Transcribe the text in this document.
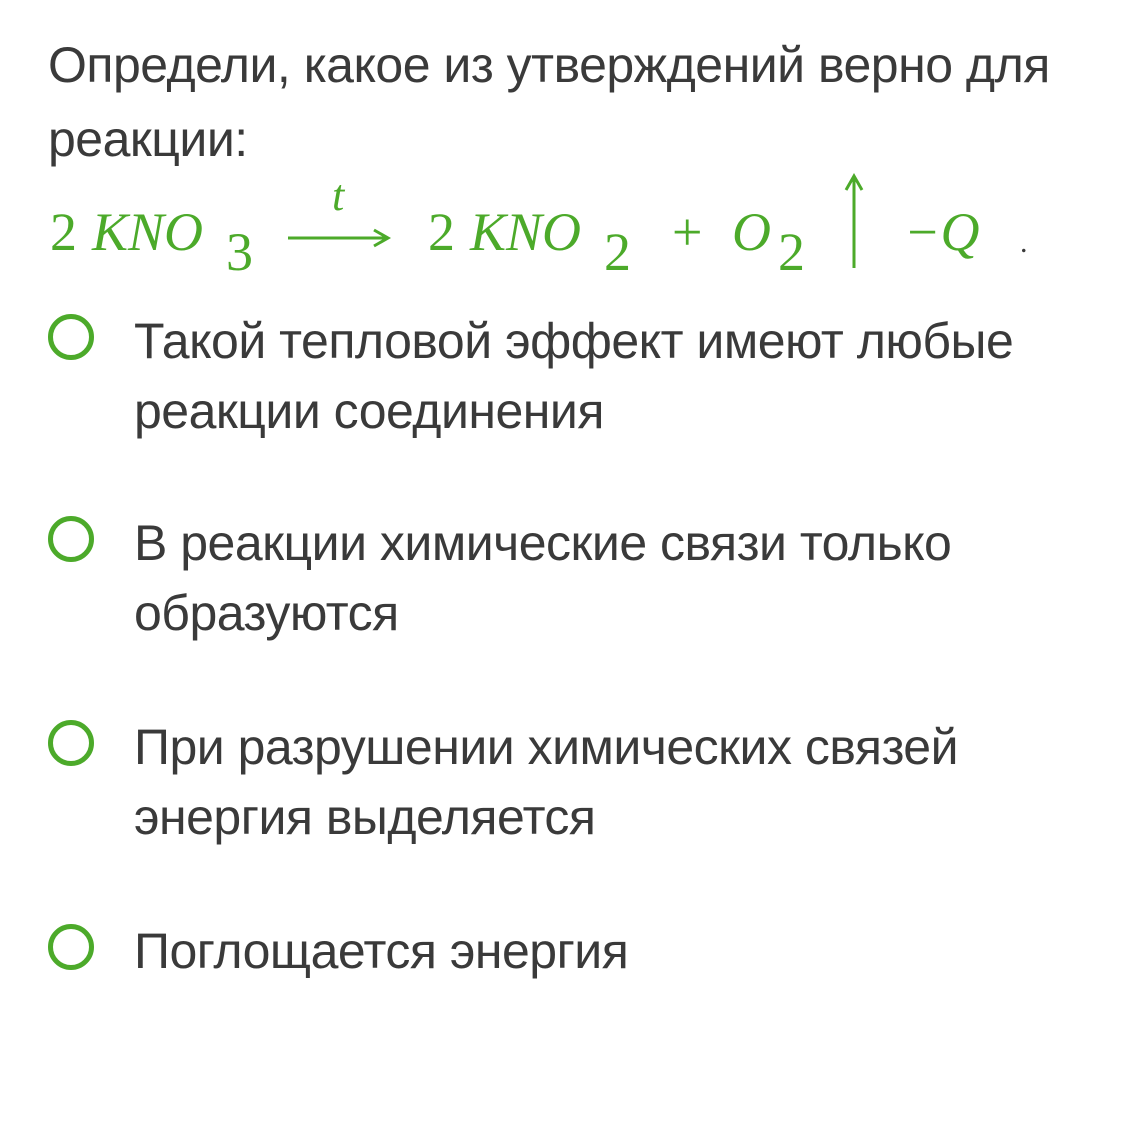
Определи, какое из утверждений верно для реакции:
2 KNO 3
t
2 KNO 2 + O 2 −Q .
Такой тепловой эффект имеют любые реакции соединения
В реакции химические связи только образуются
При разрушении химических связей энергия выделяется
Поглощается энергия
